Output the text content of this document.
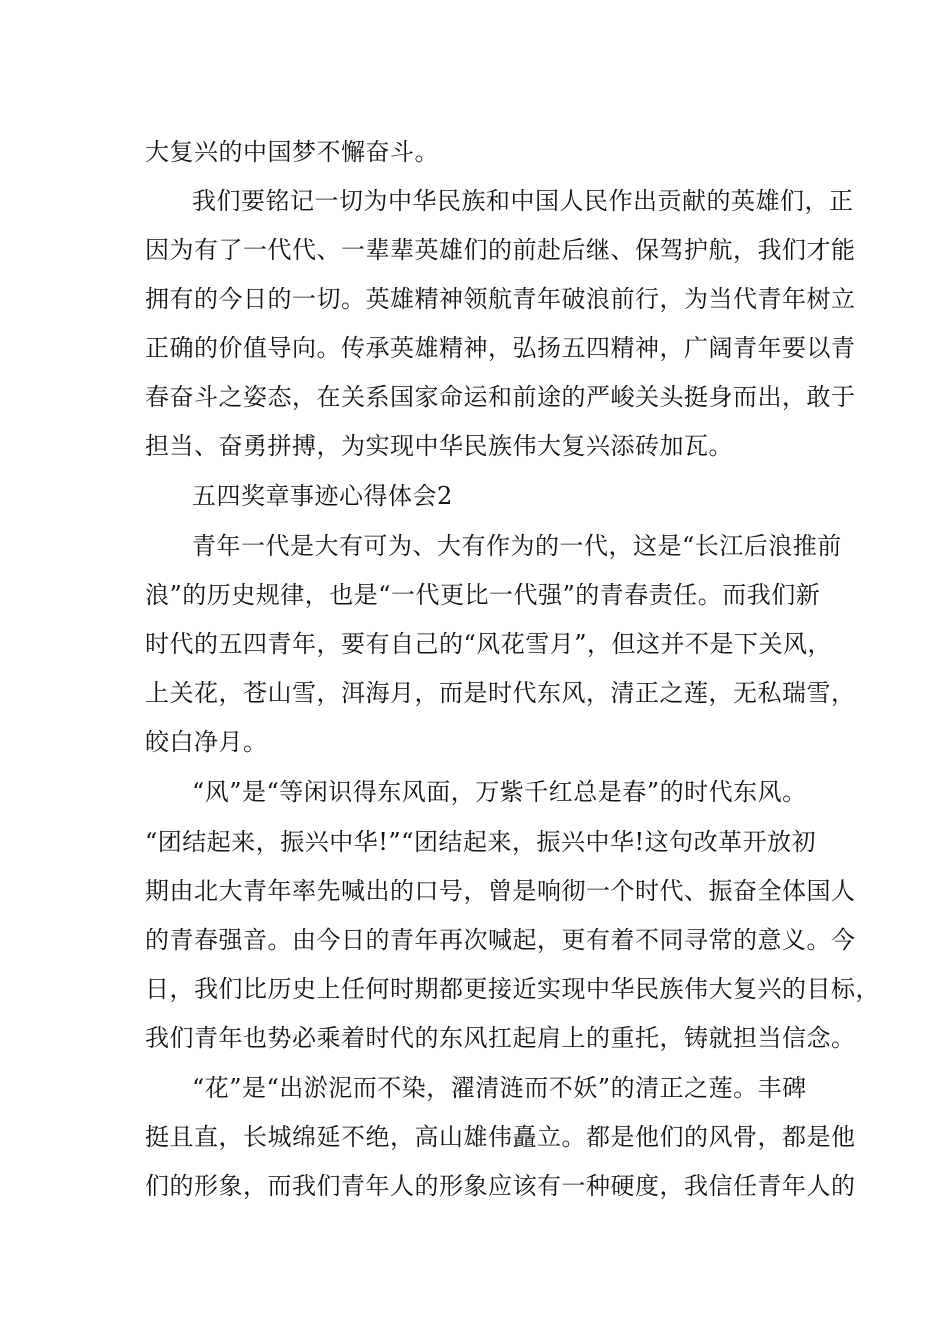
大复兴的中国梦不懈奋斗。
我们要铭记一切为中华民族和中国人民作出贡献的英雄们，正
因为有了一代代、一辈辈英雄们的前赴后继、保驾护航，我们才能
拥有的今日的一切。英雄精神领航青年破浪前行，为当代青年树立
正确的价值导向。传承英雄精神，弘扬五四精神，广阔青年要以青
春奋斗之姿态，在关系国家命运和前途的严峻关头挺身而出，敢于
担当、奋勇拼搏，为实现中华民族伟大复兴添砖加瓦。
五四奖章事迹心得体会2
青年一代是大有可为、大有作为的一代，这是“长江后浪推前
浪”的历史规律，也是“一代更比一代强”的青春责任。而我们新
时代的五四青年，要有自己的“风花雪月”，但这并不是下关风，
上关花，苍山雪，洱海月，而是时代东风，清正之莲，无私瑞雪，
皎白净月。
“风”是“等闲识得东风面，万紫千红总是春”的时代东风。
“团结起来，振兴中华!”“团结起来，振兴中华!这句改革开放初
期由北大青年率先喊出的口号，曾是响彻一个时代、振奋全体国人
的青春强音。由今日的青年再次喊起，更有着不同寻常的意义。今
日，我们比历史上任何时期都更接近实现中华民族伟大复兴的目标，
我们青年也势必乘着时代的东风扛起肩上的重托，铸就担当信念。
“花”是“出淤泥而不染，濯清涟而不妖”的清正之莲。丰碑
挺且直，长城绵延不绝，高山雄伟矗立。都是他们的风骨，都是他
们的形象，而我们青年人的形象应该有一种硬度，我信任青年人的
